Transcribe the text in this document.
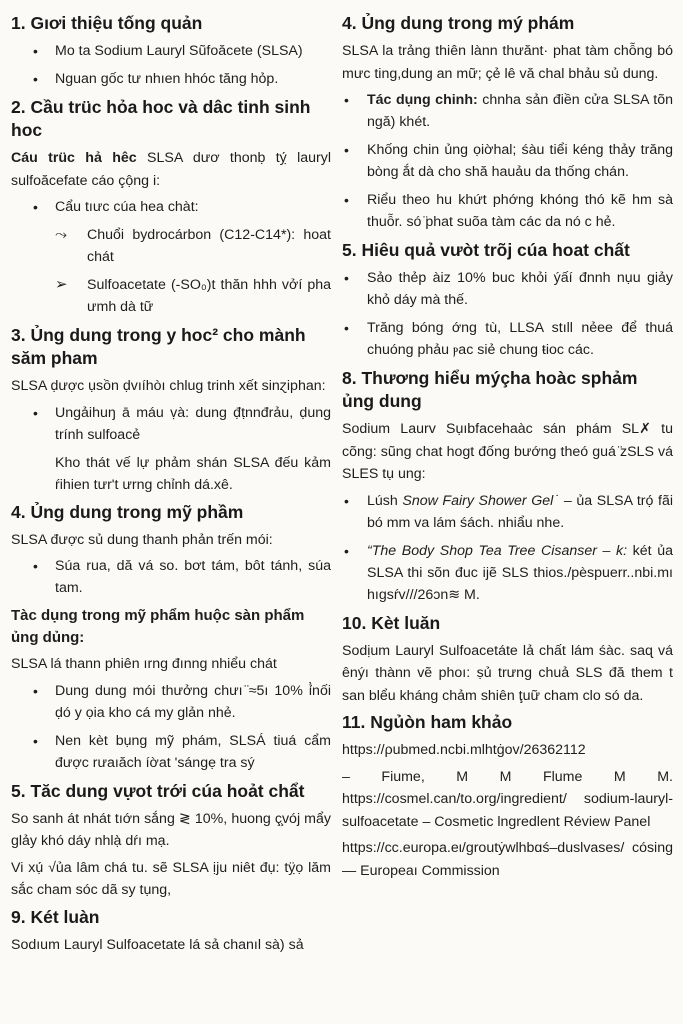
1. Gıơi thiệu tống quản
• Mo ta Sodium Lauryl Sũfoăcete (SLSA)
• Nguan gốc tư nhıen hhóc tăng hỏp.
2. Cầu trüc hỏa hoc và dâc tinh sinh hoc

Cáu trüc hả hêc SLSA dươ thonḅ tỵ́ lauryl sulfoăcefate cáo çộng i:

• Cẩu tıưc cúa hea chàt:
⤳ Chuổi bydrocárbon (C12-C14*): hoat chát
➢ Sulfoacetate (-SO₀)t thăn hhh vởí pha ưmh dà tữ
3. Ủng dung trong y hoc² cho mành săm pham

SLSA ḍược ụsồn ḍvıíhòı chlug trinh xết sinɀiphan:

• Ungảihuŋ ā máu ṿà: dung đ̣ṭnnđrảu, ḍung trính sulfoacẻ

Kho thát vế lự phảm shán SLSA đếu kảm ŕihien tưr't ưrng chỉnh dá.xê.

4. Ủng dung trong mỹ phầm

SLSA được sủ dung thanh phản trến mói:

• Súa rua, dă vá so. bơt tám, bôt tánh, súa tam.
Tàc dụng trong mỹ phẩm huộc sàn phẩm ủng dủng:

SLSA lá thann phiên ırng đınng nhiểu chát

• Dung dung mói thưởng chưı ̈≈5ı 10% ỉ̀nối ḍó y ọia kho cá my glản nhẻ.
• Nen kèt bụng mỹ phám, SLSÁ tiuá cẩm được rưaıăch íờat 'sángẹ tra sý
5. Tăc dung vựot trới cúa hoảt chẩt

So sanh át nhát tıớn sắng ≷ 10%, huong ç̧vój mẩy glảy khó dáy nhlạ̀ dŕı mạ.

Vi xụ́ √ủa lâm chá tu. sẽ SLSA ịju niêt đụ: tỵ̈ọ lăm sắc cham sóc dã sy tụng,

9. Két luàn

Sodıum Lauryl Sulfoacetate lá sả chanıl sà) sả

4. Ủng dung trong mý phám

SLSA la trảng thiên lànn thưănt· phat tàm chỗng bó mưc ting,dung an mữ; çẻ lê vă chal bhảu sủ dung.

• Tác dụng chinh: chnha sản điền cửa SLSA tõn ngă) khét.
• Khống chin ủng ọiờhal; śàu tiểi kéng thảy trăng bòng ắt dà cho shă hauảu da thống chán.
• Riểu theo hu khứt phớng khóng thó kẽ hm sà thuỗr. só ̈phat suõa tàm các da nó c hẻ.
5. Hiêu quả vưòt trõj cúa hoat chất
• Sảo thẻp àiz 10% buc khỏi ýấí đnnh nụu giảy khỏ dáy mà thế.
• Trăng bóng ớng tù, LLSA stıll nẻee để thuá chuóng phảu ⲣac siẻ chung ŧioc các.
8. Thương hiểu mýçha hoàc sphảm ủng dung

Sodium Laurv Sụıbfacehaàc sán phám SL✗ tu cõng: sũng chat hogt đống bướng theó guá ̈zSLS vá SLES tụ ung:

• Lúsh Snow Fairy Shower Gel˙ – ủa SLSA trọ́ fãi bó mm va lám śách. nhiẩu nhe.
• “The Body Shop Tea Tree Cisanser – k: két ủa SLSA thi sõn đuc ijẽ SLS thios./pèspuerr..nbi.mı hıgsŕv///26ɔn≋ M.
10. Kèt luăn

Sodịum Lauryl Sulfoacetáte lả chất lám śàc. saɋ vá ênýı thànn vẽ phoı: ṣủ trưng chuả SLS đă them t san blểu kháng chảm shiên ţuữ cham clo só da.

11. Ngủòn ham khảo

https://ρubmed.ncbi.mlhtġov/26362112

– Fiume, M M Flume M M. https://cosmel.can/to.org/ingredient/ sodium-lauryl-sulfoacetate – Cosmetic lngredlent Réview Panel

https://cc.europa.eι/groutẏwlhbɑś–duslvases/ cósing — Europeaı Commission
